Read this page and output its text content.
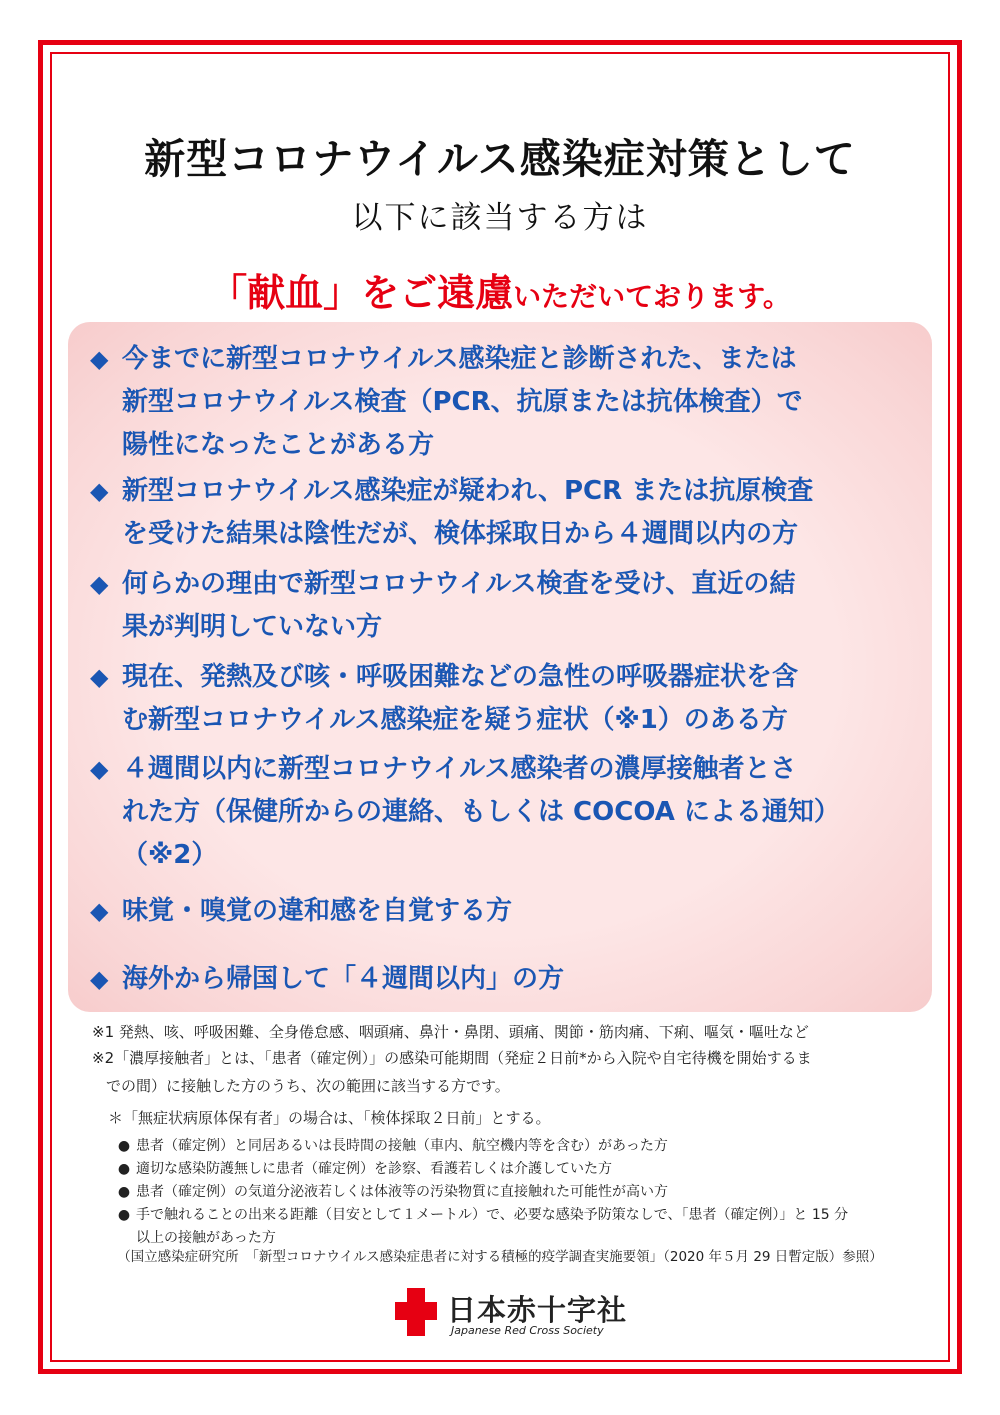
新型コロナウイルス感染症対策として
以下に該当する方は
「献血」をご遠慮いただいております。
◆ 今までに新型コロナウイルス感染症と診断された、または
新型コロナウイルス検査（PCR、抗原または抗体検査）で
陽性になったことがある方
◆ 新型コロナウイルス感染症が疑われ、PCR または抗原検査
を受けた結果は陰性だが、検体採取日から４週間以内の方
◆ 何らかの理由で新型コロナウイルス検査を受け、直近の結
果が判明していない方
◆ 現在、発熱及び咳・呼吸困難などの急性の呼吸器症状を含
む新型コロナウイルス感染症を疑う症状（※1）のある方
◆ ４週間以内に新型コロナウイルス感染者の濃厚接触者とさ
れた方（保健所からの連絡、もしくは COCOA による通知）
（※2）
◆ 味覚・嗅覚の違和感を自覚する方
◆ 海外から帰国して「４週間以内」の方
※1 発熱、咳、呼吸困難、全身倦怠感、咽頭痛、鼻汁・鼻閉、頭痛、関節・筋肉痛、下痢、嘔気・嘔吐など
※2「濃厚接触者」とは、「患者（確定例）」の感染可能期間（発症２日前*から入院や自宅待機を開始するま
での間）に接触した方のうち、次の範囲に該当する方です。
＊「無症状病原体保有者」の場合は、「検体採取２日前」とする。
● 患者（確定例）と同居あるいは長時間の接触（車内、航空機内等を含む）があった方
● 適切な感染防護無しに患者（確定例）を診察、看護若しくは介護していた方
● 患者（確定例）の気道分泌液若しくは体液等の汚染物質に直接触れた可能性が高い方
● 手で触れることの出来る距離（目安として１メートル）で、必要な感染予防策なしで、「患者（確定例）」と 15 分
以上の接触があった方
（国立感染症研究所　「新型コロナウイルス感染症患者に対する積極的疫学調査実施要領」（2020 年５月 29 日暫定版）参照）
日本赤十字社
Japanese Red Cross Society
